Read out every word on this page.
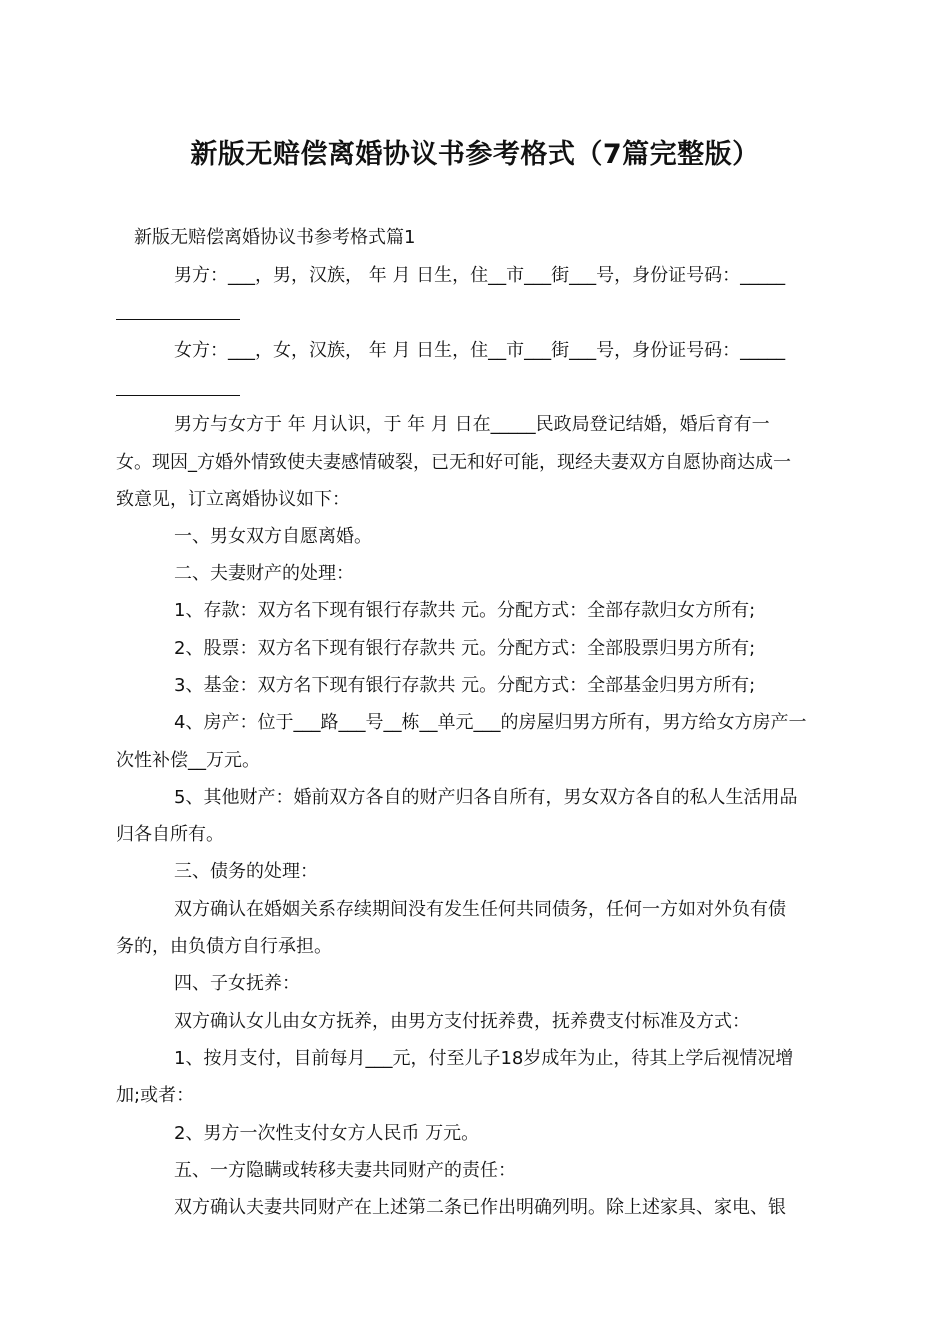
新版无赔偿离婚协议书参考格式（7篇完整版）
新版无赔偿离婚协议书参考格式篇1
男方：___，男，汉族， 年 月 日生，住__市___街___号，身份证号码：_____
女方：___，女，汉族， 年 月 日生，住__市___街___号，身份证号码：_____
男方与女方于 年 月认识，于 年 月 日在_____民政局登记结婚，婚后育有一
女。现因_方婚外情致使夫妻感情破裂，已无和好可能，现经夫妻双方自愿协商达成一
致意见，订立离婚协议如下：
一、男女双方自愿离婚。
二、夫妻财产的处理：
1、存款：双方名下现有银行存款共 元。分配方式：全部存款归女方所有;
2、股票：双方名下现有银行存款共 元。分配方式：全部股票归男方所有;
3、基金：双方名下现有银行存款共 元。分配方式：全部基金归男方所有;
4、房产：位于___路___号__栋__单元___的房屋归男方所有，男方给女方房产一
次性补偿__万元。
5、其他财产：婚前双方各自的财产归各自所有，男女双方各自的私人生活用品
归各自所有。
三、债务的处理：
双方确认在婚姻关系存续期间没有发生任何共同债务，任何一方如对外负有债
务的，由负债方自行承担。
四、子女抚养：
双方确认女儿由女方抚养，由男方支付抚养费，抚养费支付标准及方式：
1、按月支付，目前每月___元，付至儿子18岁成年为止，待其上学后视情况增
加;或者：
2、男方一次性支付女方人民币 万元。
五、一方隐瞒或转移夫妻共同财产的责任：
双方确认夫妻共同财产在上述第二条已作出明确列明。除上述家具、家电、银
